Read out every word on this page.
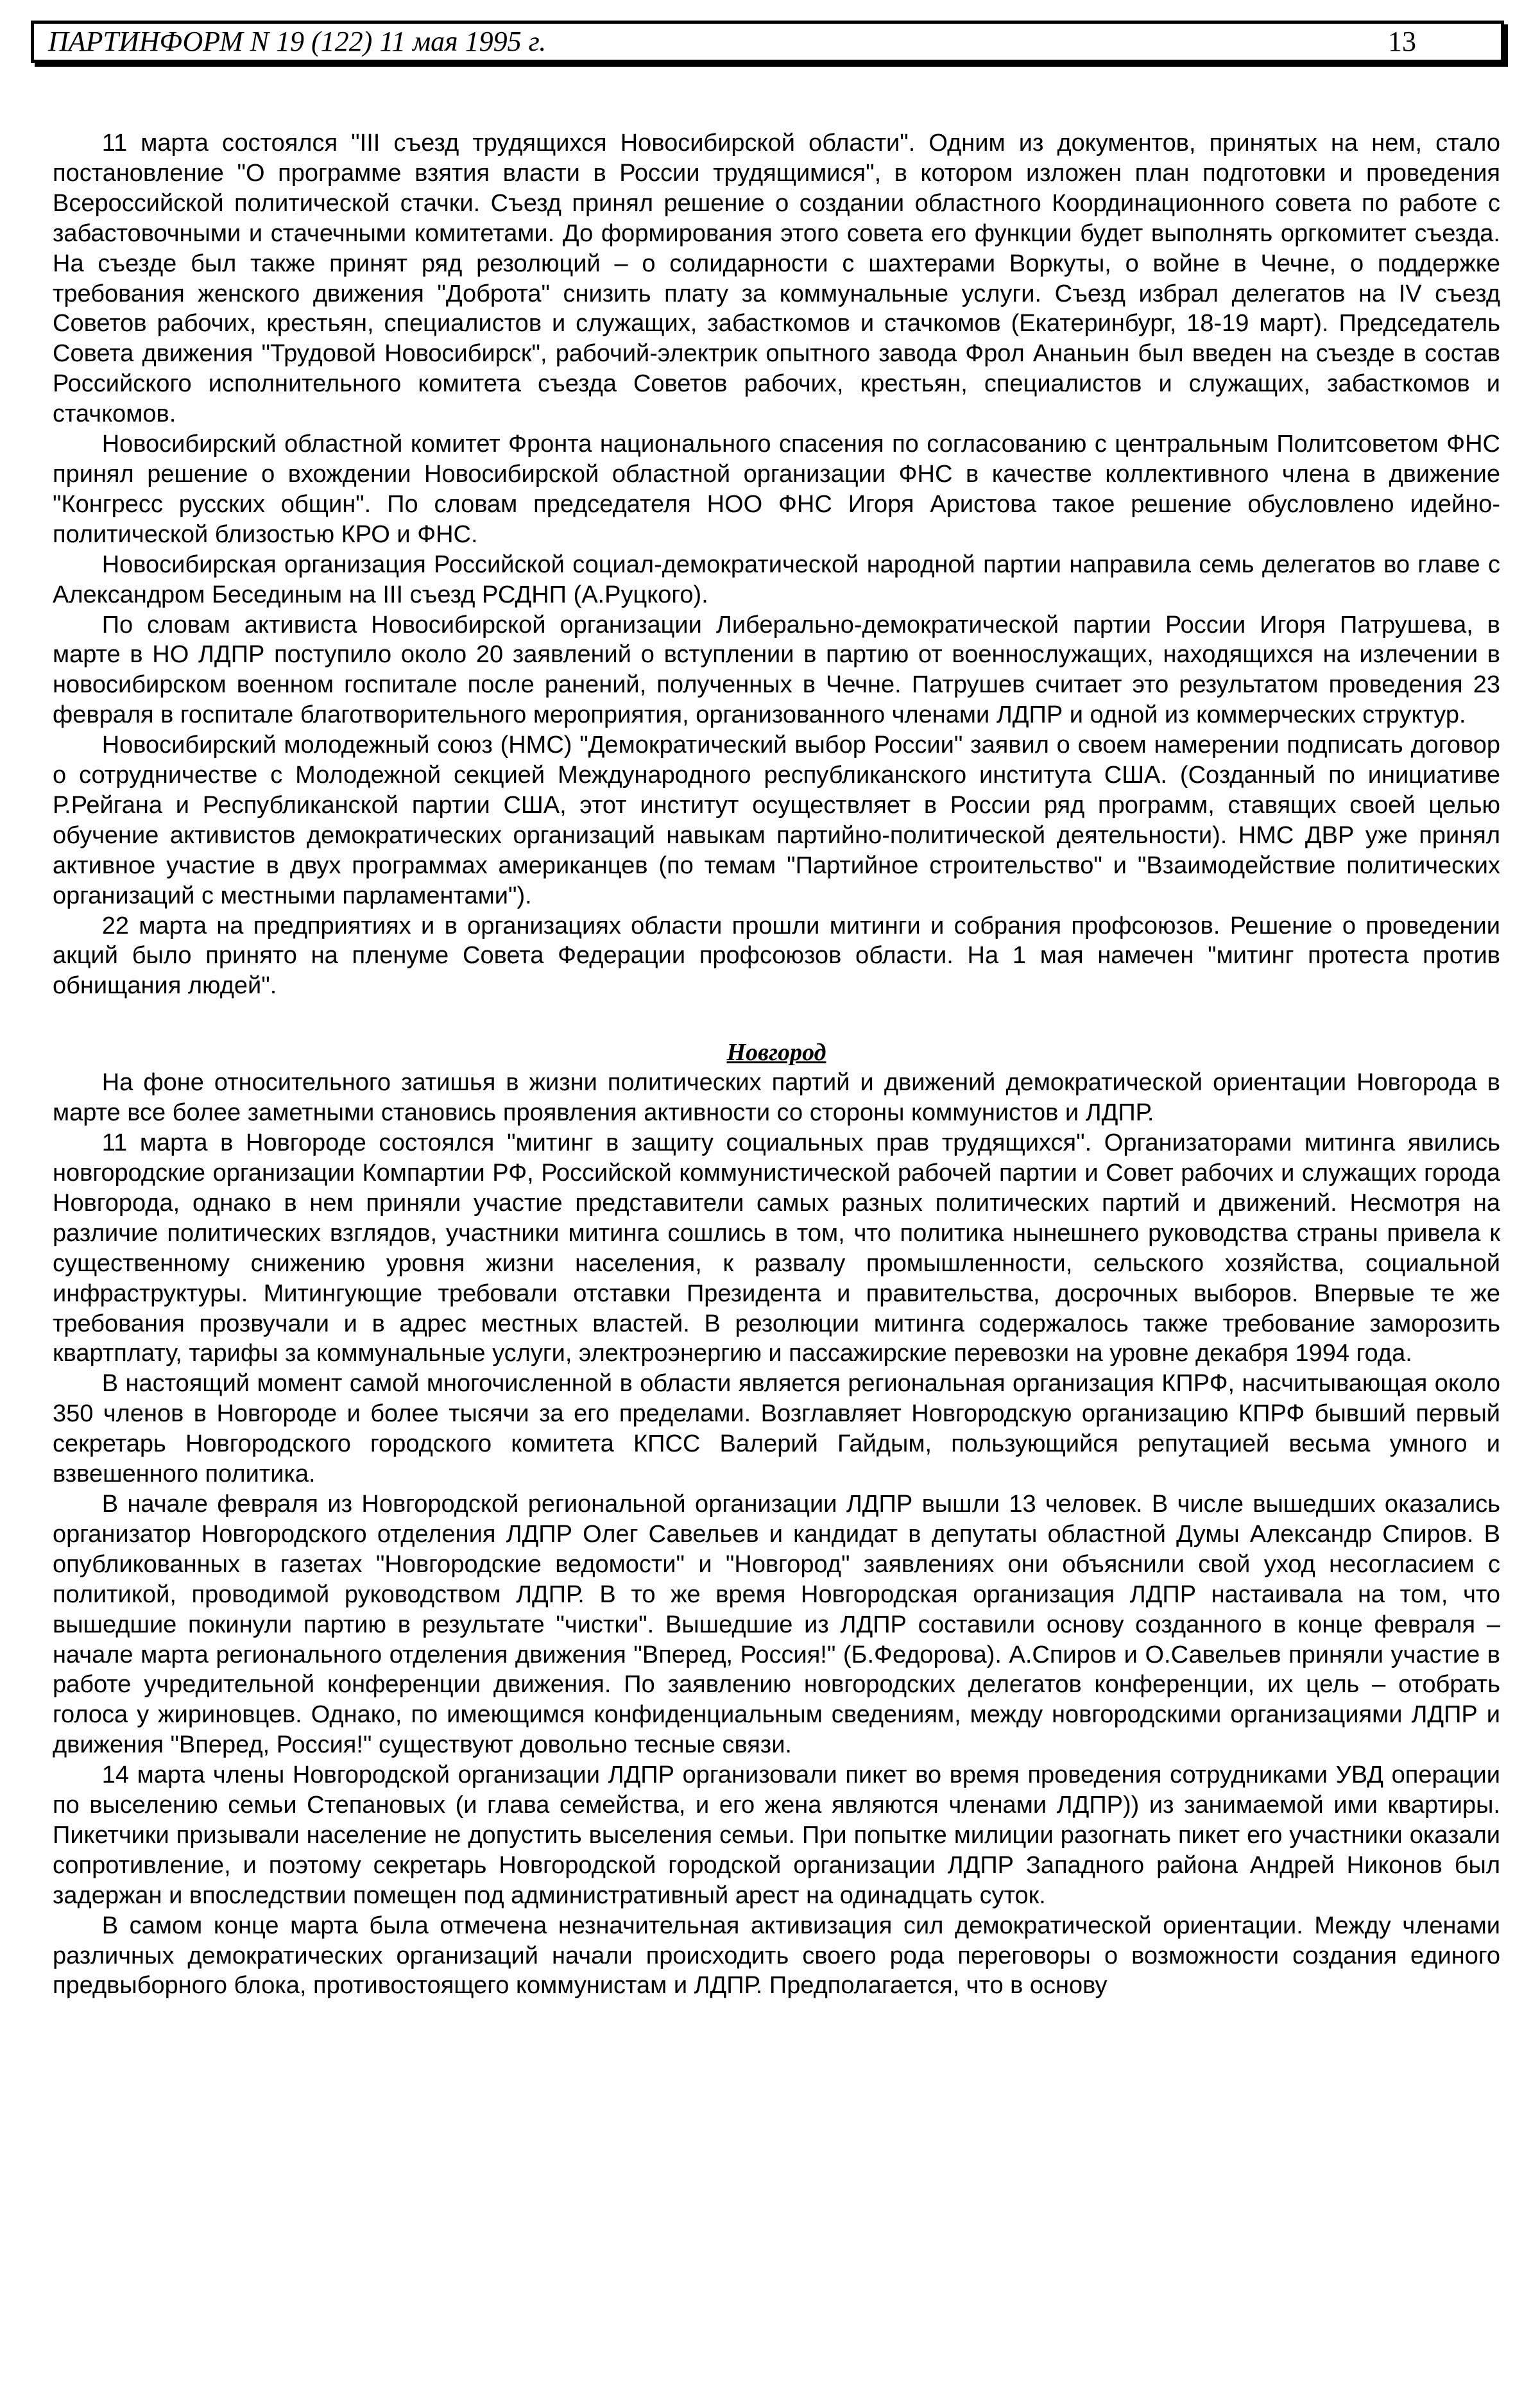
ПАРТИНФОРМ N 19 (122) 11 мая 1995 г.	13

11 марта состоялся "III съезд трудящихся Новосибирской области". Одним из документов, принятых на нем, стало постановление "О программе взятия власти в России трудящимися", в котором изложен план подготовки и проведения Всероссийской политической стачки. Съезд принял решение о создании областного Координационного совета по работе с забастовочными и стачечными комитетами. До формирования этого совета его функции будет выполнять оргкомитет съезда. На съезде был также принят ряд резолюций – о солидарности с шахтерами Воркуты, о войне в Чечне, о поддержке требования женского движения "Доброта" снизить плату за коммунальные услуги. Съезд избрал делегатов на IV съезд Советов рабочих, крестьян, специалистов и служащих, забасткомов и стачкомов (Екатеринбург, 18-19 март). Председатель Совета движения "Трудовой Новосибирск", рабочий-электрик опытного завода Фрол Ананьин был введен на съезде в состав Российского исполнительного комитета съезда Советов рабочих, крестьян, специалистов и служащих, забасткомов и стачкомов.

Новосибирский областной комитет Фронта национального спасения по согласованию с центральным Политсоветом ФНС принял решение о вхождении Новосибирской областной организации ФНС в качестве коллективного члена в движение "Конгресс русских общин". По словам председателя НОО ФНС Игоря Аристова такое решение обусловлено идейно-политической близостью КРО и ФНС.

Новосибирская организация Российской социал-демократической народной партии направила семь делегатов во главе с Александром Бесединым на III съезд РСДНП (А.Руцкого).

По словам активиста Новосибирской организации Либерально-демократической партии России Игоря Патрушева, в марте в НО ЛДПР поступило около 20 заявлений о вступлении в партию от военнослужащих, находящихся на излечении в новосибирском военном госпитале после ранений, полученных в Чечне. Патрушев считает это результатом проведения 23 февраля в госпитале благотворительного мероприятия, организованного членами ЛДПР и одной из коммерческих структур.

Новосибирский молодежный союз (НМС) "Демократический выбор России" заявил о своем намерении подписать договор о сотрудничестве с Молодежной секцией Международного республиканского института США. (Созданный по инициативе Р.Рейгана и Республиканской партии США, этот институт осуществляет в России ряд программ, ставящих своей целью обучение активистов демократических организаций навыкам партийно-политической деятельности). НМС ДВР уже принял активное участие в двух программах американцев (по темам "Партийное строительство" и "Взаимодействие политических организаций с местными парламентами").

22 марта на предприятиях и в организациях области прошли митинги и собрания профсоюзов. Решение о проведении акций было принято на пленуме Совета Федерации профсоюзов области. На 1 мая намечен "митинг протеста против обнищания людей".

Новгород

На фоне относительного затишья в жизни политических партий и движений демократической ориентации Новгорода в марте все более заметными становись проявления активности со стороны коммунистов и ЛДПР.

11 марта в Новгороде состоялся "митинг в защиту социальных прав трудящихся". Организаторами митинга явились новгородские организации Компартии РФ, Российской коммунистической рабочей партии и Совет рабочих и служащих города Новгорода, однако в нем приняли участие представители самых разных политических партий и движений. Несмотря на различие политических взглядов, участники митинга сошлись в том, что политика нынешнего руководства страны привела к существенному снижению уровня жизни населения, к развалу промышленности, сельского хозяйства, социальной инфраструктуры. Митингующие требовали отставки Президента и правительства, досрочных выборов. Впервые те же требования прозвучали и в адрес местных властей. В резолюции митинга содержалось также требование заморозить квартплату, тарифы за коммунальные услуги, электроэнергию и пассажирские перевозки на уровне декабря 1994 года.

В настоящий момент самой многочисленной в области является региональная организация КПРФ, насчитывающая около 350 членов в Новгороде и более тысячи за его пределами. Возглавляет Новгородскую организацию КПРФ бывший первый секретарь Новгородского городского комитета КПСС Валерий Гайдым, пользующийся репутацией весьма умного и взвешенного политика.

В начале февраля из Новгородской региональной организации ЛДПР вышли 13 человек. В числе вышедших оказались организатор Новгородского отделения ЛДПР Олег Савельев и кандидат в депутаты областной Думы Александр Спиров. В опубликованных в газетах "Новгородские ведомости" и "Новгород" заявлениях они объяснили свой уход несогласием с политикой, проводимой руководством ЛДПР. В то же время Новгородская организация ЛДПР настаивала на том, что вышедшие покинули партию в результате "чистки". Вышедшие из ЛДПР составили основу созданного в конце февраля – начале марта регионального отделения движения "Вперед, Россия!" (Б.Федорова). А.Спиров и О.Савельев приняли участие в работе учредительной конференции движения. По заявлению новгородских делегатов конференции, их цель – отобрать голоса у жириновцев. Однако, по имеющимся конфиденциальным сведениям, между новгородскими организациями ЛДПР и движения "Вперед, Россия!" существуют довольно тесные связи.

14 марта члены Новгородской организации ЛДПР организовали пикет во время проведения сотрудниками УВД операции по выселению семьи Степановых (и глава семейства, и его жена являются членами ЛДПР)) из занимаемой ими квартиры. Пикетчики призывали население не допустить выселения семьи. При попытке милиции разогнать пикет его участники оказали сопротивление, и поэтому секретарь Новгородской городской организации ЛДПР Западного района Андрей Никонов был задержан и впоследствии помещен под административный арест на одинадцать суток.

В самом конце марта была отмечена незначительная активизация сил демократической ориентации. Между членами различных демократических организаций начали происходить своего рода переговоры о возможности создания единого предвыборного блока, противостоящего коммунистам и ЛДПР. Предполагается, что в основу
